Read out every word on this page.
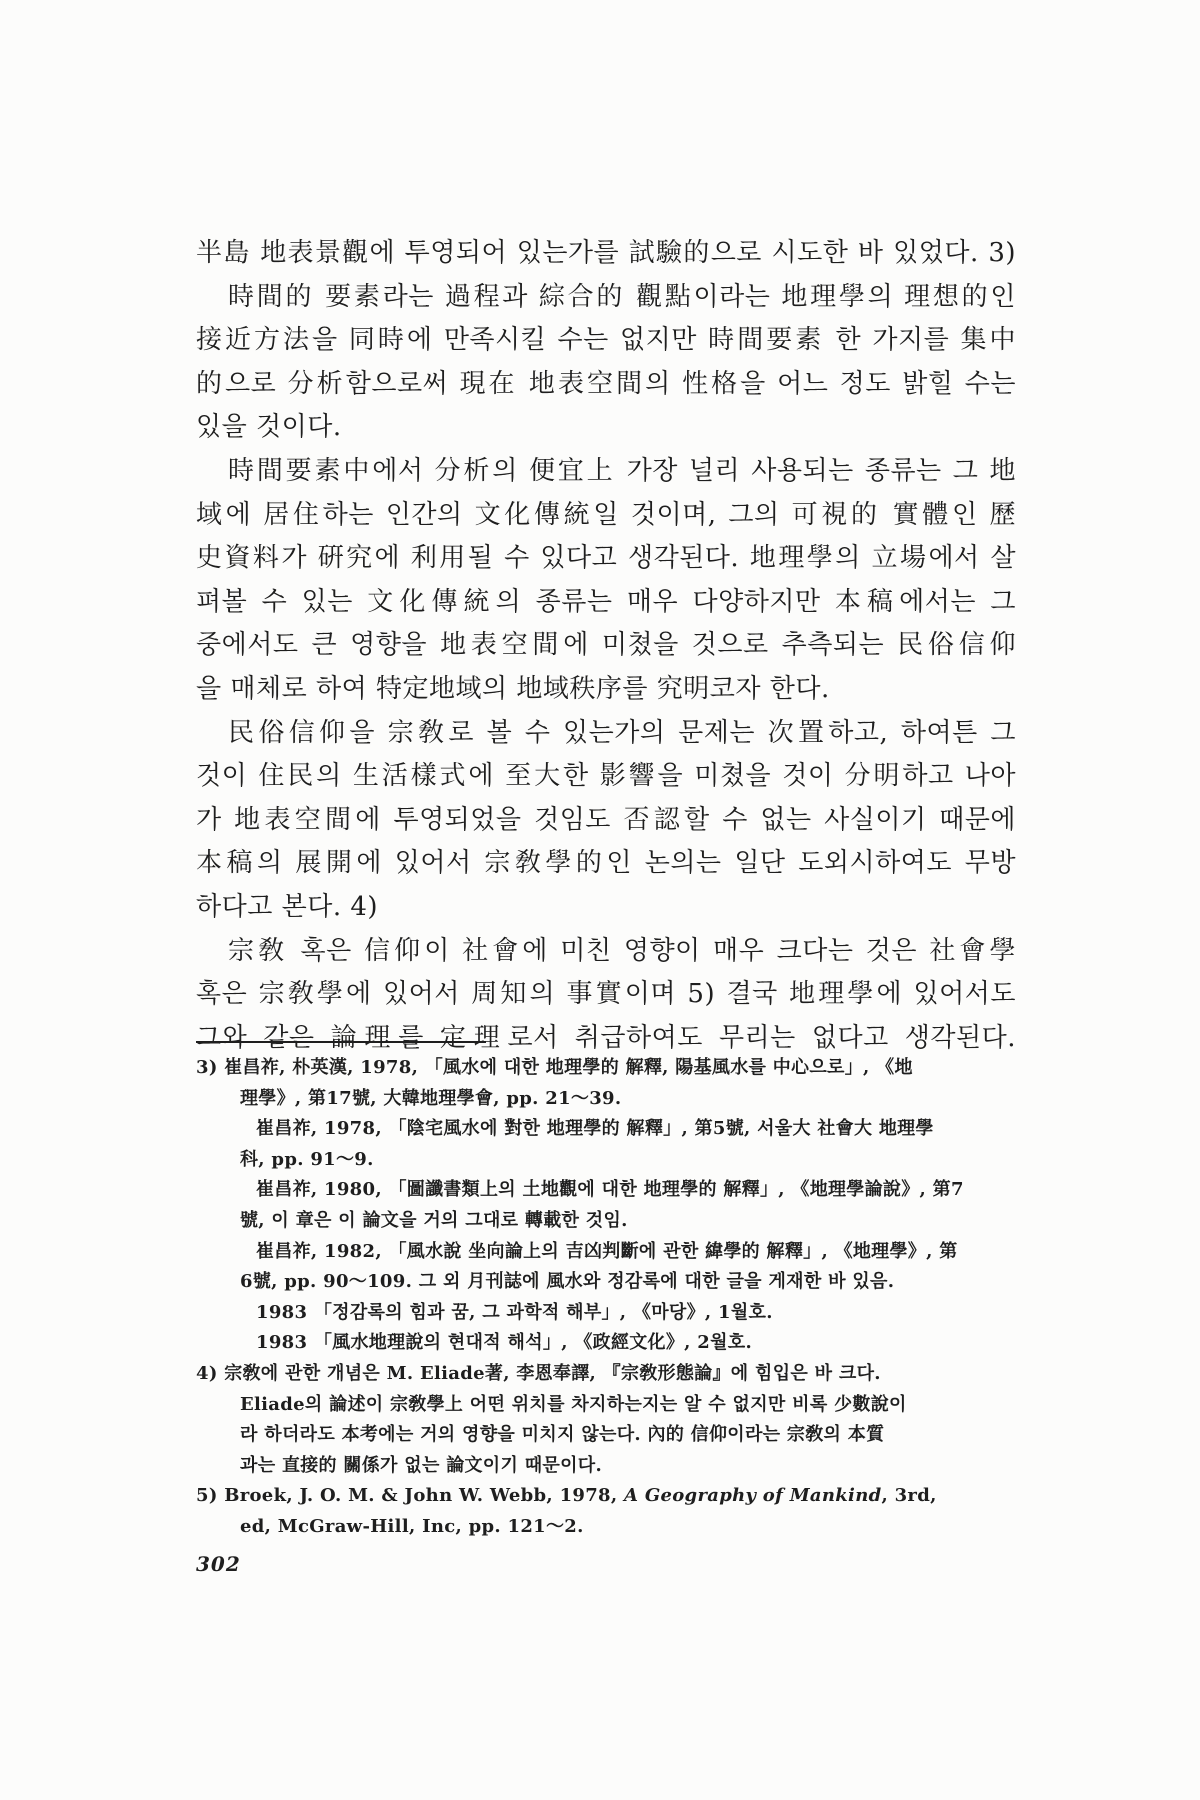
半島 地表景觀에 투영되어 있는가를 試驗的으로 시도한 바 있었다. 3)
時間的 要素라는 過程과 綜合的 觀點이라는 地理學의 理想的인
接近方法을 同時에 만족시킬 수는 없지만 時間要素 한 가지를 集中
的으로 分析함으로써 現在 地表空間의 性格을 어느 정도 밝힐 수는
있을 것이다.
時間要素中에서 分析의 便宜上 가장 널리 사용되는 종류는 그 地
域에 居住하는 인간의 文化傳統일 것이며, 그의 可視的 實體인 歷
史資料가 硏究에 利用될 수 있다고 생각된다. 地理學의 立場에서 살
펴볼 수 있는 文化傳統의 종류는 매우 다양하지만 本稿에서는 그
중에서도 큰 영향을 地表空間에 미쳤을 것으로 추측되는 民俗信仰
을 매체로 하여 特定地域의 地域秩序를 究明코자 한다.
民俗信仰을 宗敎로 볼 수 있는가의 문제는 次置하고, 하여튼 그
것이 住民의 生活樣式에 至大한 影響을 미쳤을 것이 分明하고 나아
가 地表空間에 투영되었을 것임도 否認할 수 없는 사실이기 때문에
本稿의 展開에 있어서 宗敎學的인 논의는 일단 도외시하여도 무방
하다고 본다. 4)
宗敎 혹은 信仰이 社會에 미친 영향이 매우 크다는 것은 社會學
혹은 宗敎學에 있어서 周知의 事實이며 5) 결국 地理學에 있어서도
그와 같은 論理를 定理로서 취급하여도 무리는 없다고 생각된다.
3) 崔昌祚, 朴英漢, 1978, 「風水에 대한 地理學的 解釋, 陽基風水를 中心으로」, 《地
理學》, 第17號, 大韓地理學會, pp. 21～39.
崔昌祚, 1978, 「陰宅風水에 對한 地理學的 解釋」, 第5號, 서울大 社會大 地理學
科, pp. 91～9.
崔昌祚, 1980, 「圖讖書類上의 土地觀에 대한 地理學的 解釋」, 《地理學論說》, 第7
號, 이 章은 이 論文을 거의 그대로 轉載한 것임.
崔昌祚, 1982, 「風水說 坐向論上의 吉凶判斷에 관한 緯學的 解釋」, 《地理學》, 第
6號, pp. 90～109. 그 외 月刊誌에 風水와 정감록에 대한 글을 게재한 바 있음.
1983 「정감록의 힘과 꿈, 그 과학적 해부」, 《마당》, 1월호.
1983 「風水地理說의 현대적 해석」, 《政經文化》, 2월호.
4) 宗敎에 관한 개념은 M. Eliade著, 李恩奉譯, 『宗敎形態論』에 힘입은 바 크다.
Eliade의 論述이 宗敎學上 어떤 위치를 차지하는지는 알 수 없지만 비록 少數說이
라 하더라도 本考에는 거의 영향을 미치지 않는다. 內的 信仰이라는 宗敎의 本質
과는 直接的 關係가 없는 論文이기 때문이다.
5) Broek, J. O. M. & John W. Webb, 1978, A Geography of Mankind, 3rd,
ed, McGraw-Hill, Inc, pp. 121～2.
302
